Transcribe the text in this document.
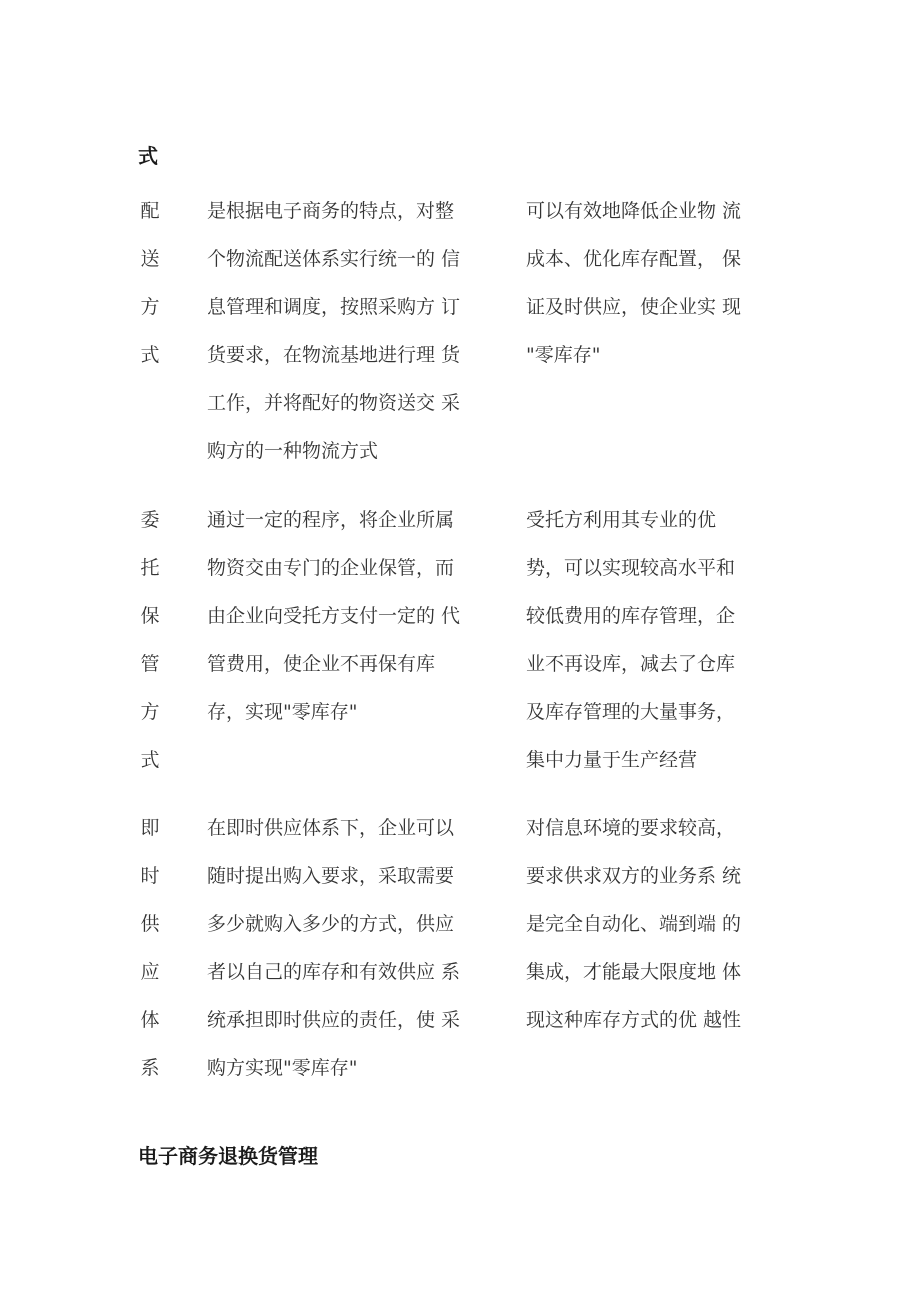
式
配
送
方
式
是根据电子商务的特点，对整
个物流配送体系实行统一的 信
息管理和调度，按照采购方 订
货要求，在物流基地进行理 货
工作，并将配好的物资送交 采
购方的一种物流方式
可以有效地降低企业物 流
成本、优化库存配置， 保
证及时供应，使企业实 现
"零库存"
委
托
保
管
方
式
通过一定的程序，将企业所属
物资交由专门的企业保管，而
由企业向受托方支付一定的 代
管费用，使企业不再保有库
存，实现"零库存"
受托方利用其专业的优
势，可以实现较高水平和
较低费用的库存管理，企
业不再设库，减去了仓库
及库存管理的大量事务，
集中力量于生产经营
即
时
供
应
体
系
在即时供应体系下，企业可以
随时提出购入要求，采取需要
多少就购入多少的方式，供应
者以自己的库存和有效供应 系
统承担即时供应的责任，使 采
购方实现"零库存"
对信息环境的要求较高，
要求供求双方的业务系 统
是完全自动化、端到端 的
集成，才能最大限度地 体
现这种库存方式的优 越性
电子商务退换货管理
